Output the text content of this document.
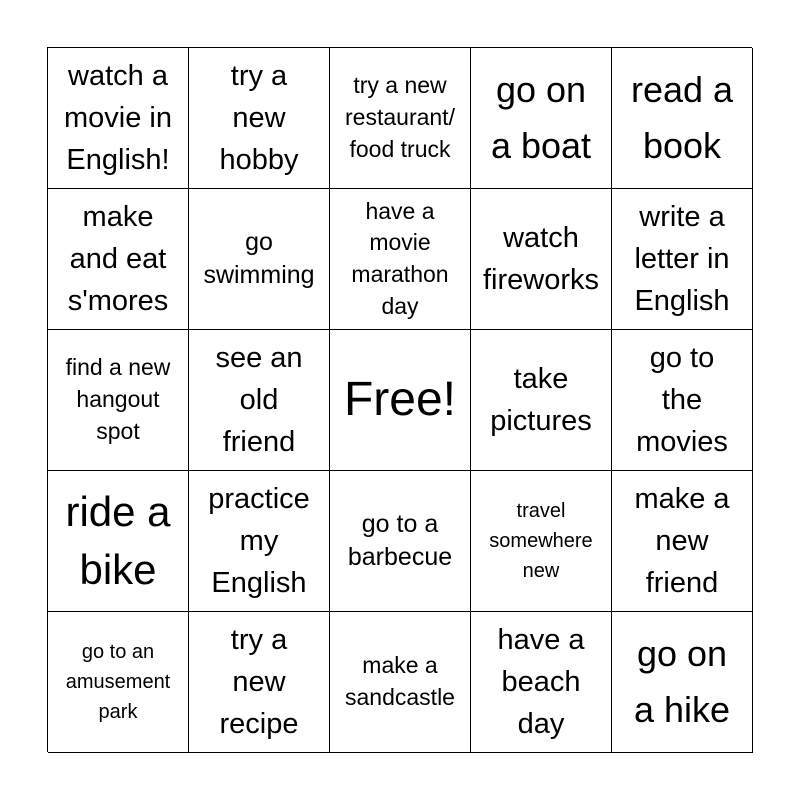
watch a
movie in
English!
try a
new
hobby
try a new
restaurant/
food truck
go on
a boat
read a
book
make
and eat
s'mores
go
swimming
have a
movie
marathon
day
watch
fireworks
write a
letter in
English
find a new
hangout
spot
see an
old
friend
Free!	take
pictures
go to
the
movies
ride a
bike
practice
my
English
go to a
barbecue
travel
somewhere
new
make a
new
friend
go to an
amusement
park
try a
new
recipe
make a
sandcastle
have a
beach
day
go on
a hike
